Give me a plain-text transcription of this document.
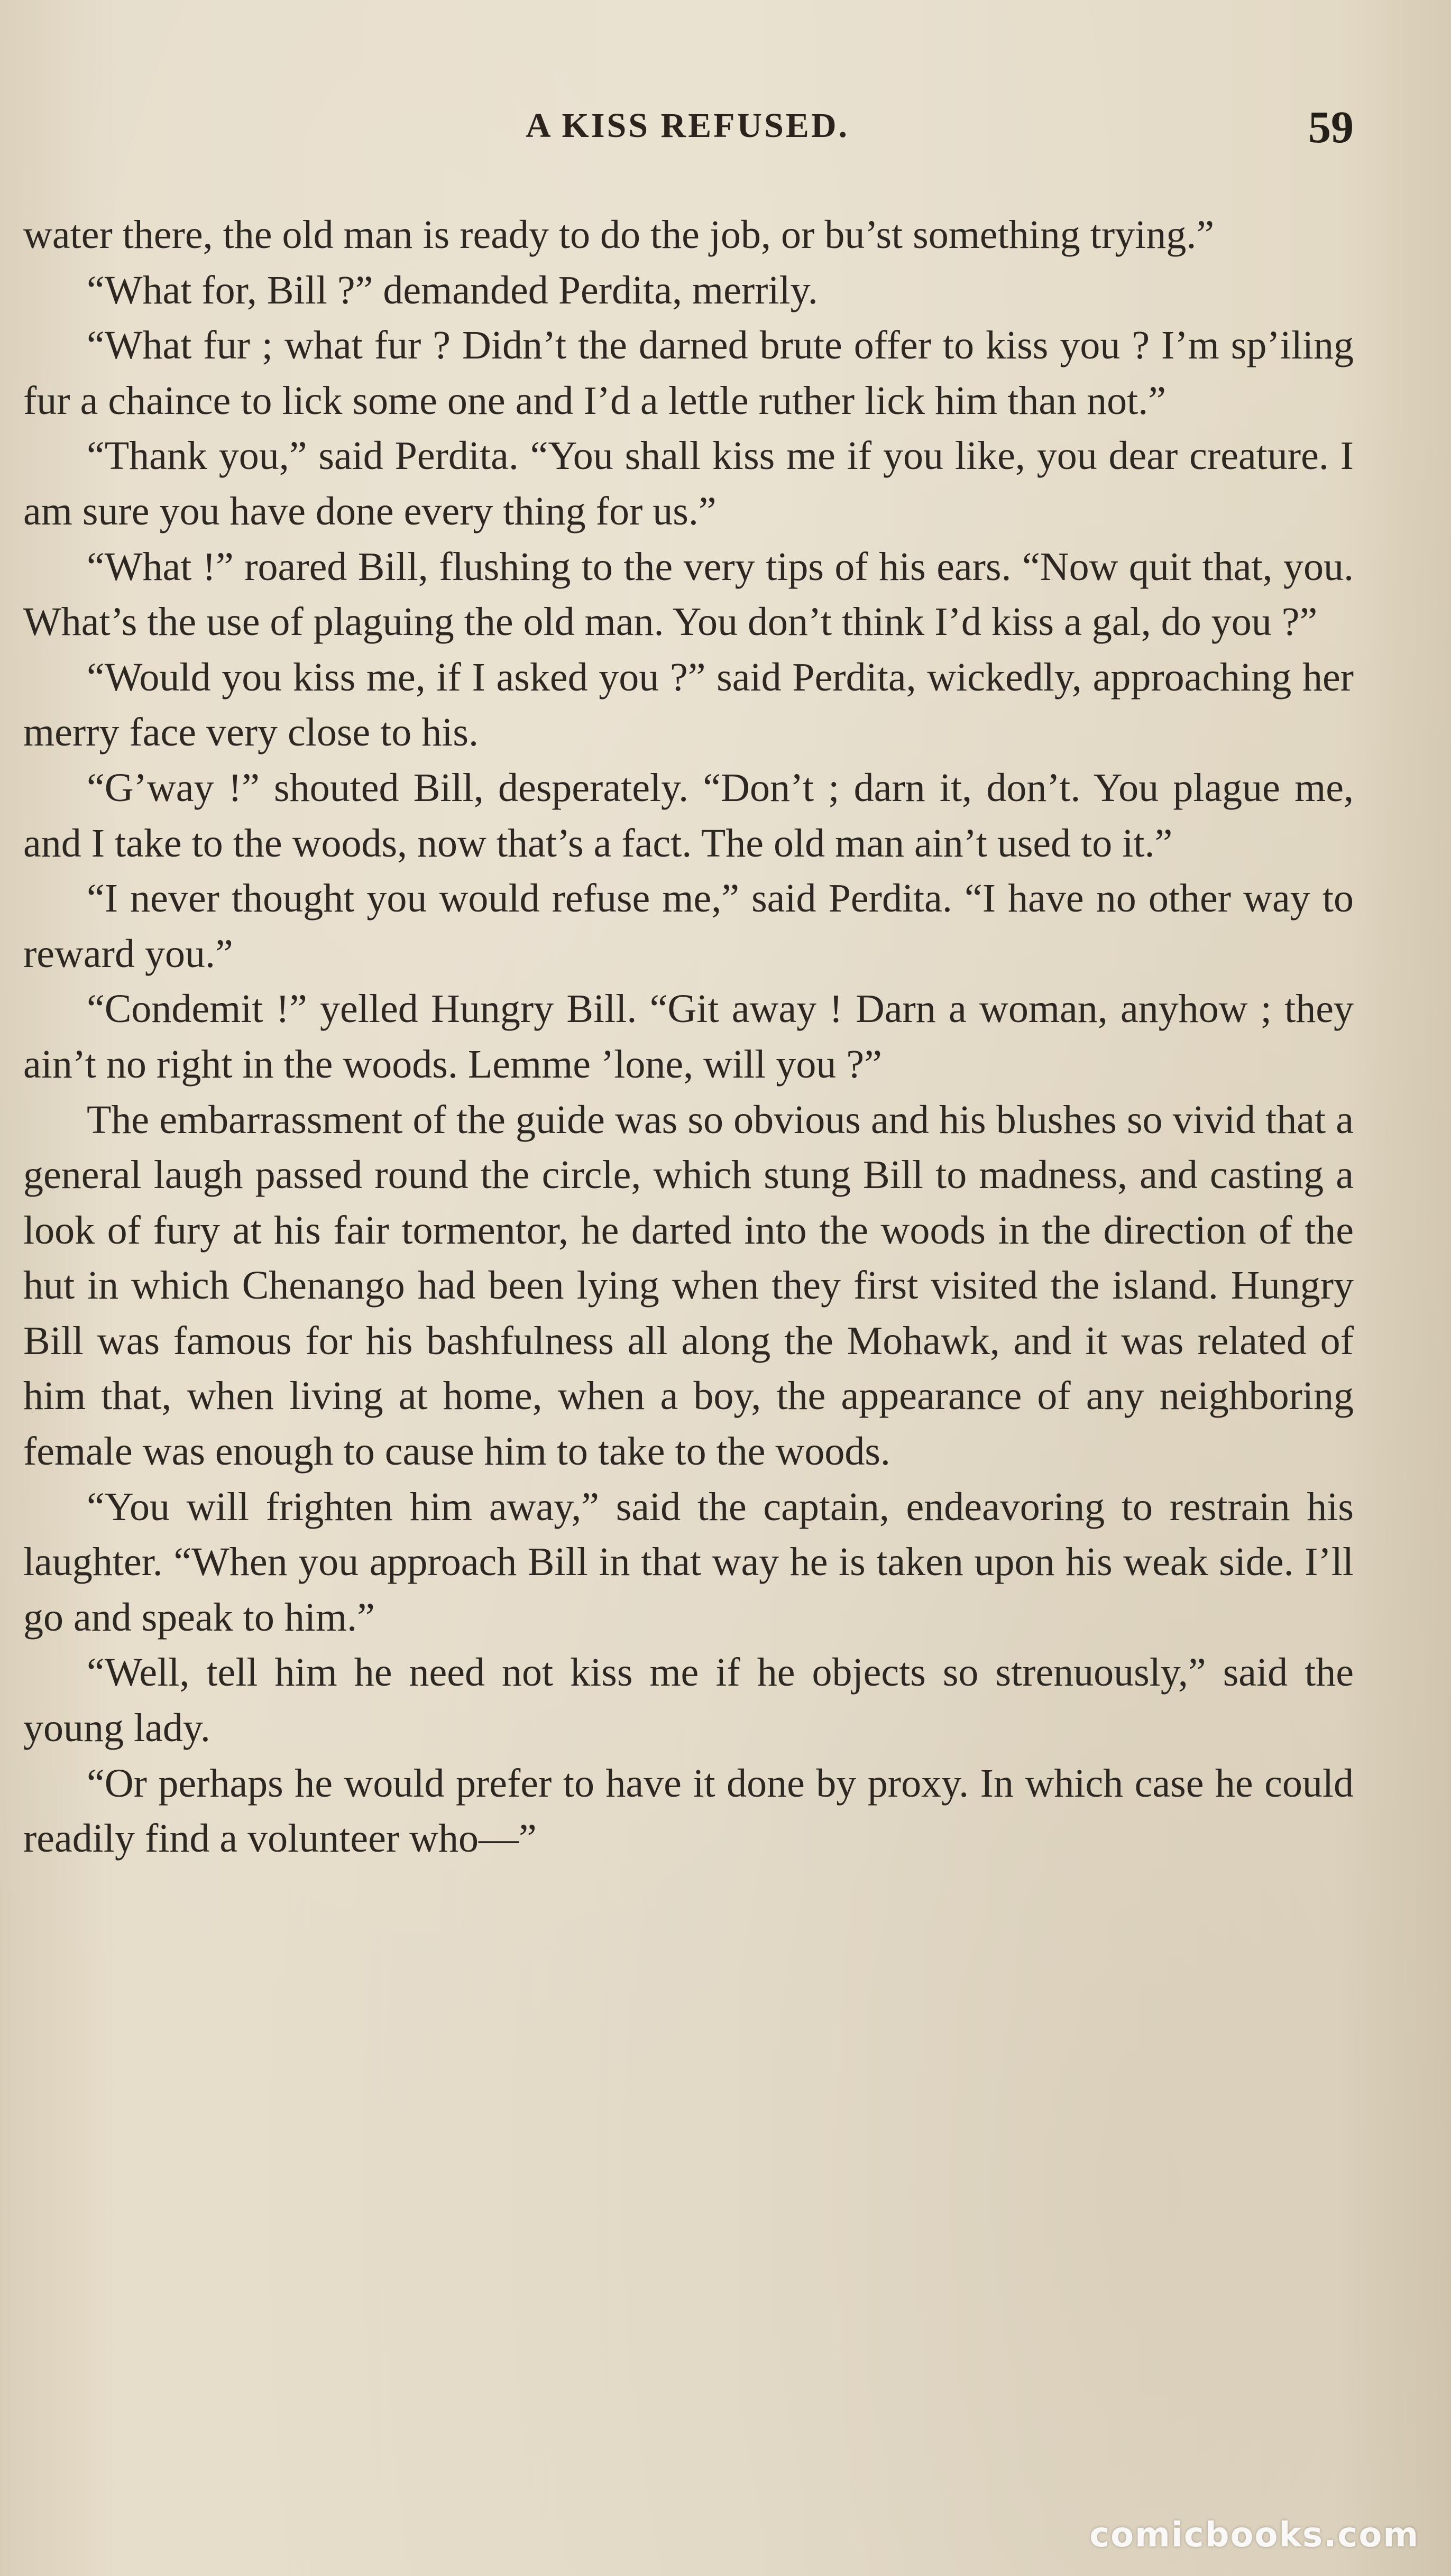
A KISS REFUSED.	59

water there, the old man is ready to do the job, or bu’st something trying.”

“What for, Bill ?” demanded Perdita, merrily.

“What fur ; what fur ? Didn’t the darned brute offer to kiss you ? I’m sp’iling fur a chaince to lick some one and I’d a lettle ruther lick him than not.”

“Thank you,” said Perdita. “You shall kiss me if you like, you dear creature. I am sure you have done every thing for us.”

“What !” roared Bill, flushing to the very tips of his ears. “Now quit that, you. What’s the use of plaguing the old man. You don’t think I’d kiss a gal, do you ?”

“Would you kiss me, if I asked you ?” said Perdita, wickedly, approaching her merry face very close to his.

“G’way !” shouted Bill, desperately. “Don’t ; darn it, don’t. You plague me, and I take to the woods, now that’s a fact. The old man ain’t used to it.”

“I never thought you would refuse me,” said Perdita. “I have no other way to reward you.”

“Condemit !” yelled Hungry Bill. “Git away ! Darn a woman, anyhow ; they ain’t no right in the woods. Lemme ’lone, will you ?”

The embarrassment of the guide was so obvious and his blushes so vivid that a general laugh passed round the circle, which stung Bill to madness, and casting a look of fury at his fair tormentor, he darted into the woods in the direction of the hut in which Chenango had been lying when they first visited the island. Hungry Bill was famous for his bashfulness all along the Mohawk, and it was related of him that, when living at home, when a boy, the appearance of any neighboring female was enough to cause him to take to the woods.

“You will frighten him away,” said the captain, endeavoring to restrain his laughter. “When you approach Bill in that way he is taken upon his weak side. I’ll go and speak to him.”

“Well, tell him he need not kiss me if he objects so strenuously,” said the young lady.

“Or perhaps he would prefer to have it done by proxy. In which case he could readily find a volunteer who—”

comicbooks.com
